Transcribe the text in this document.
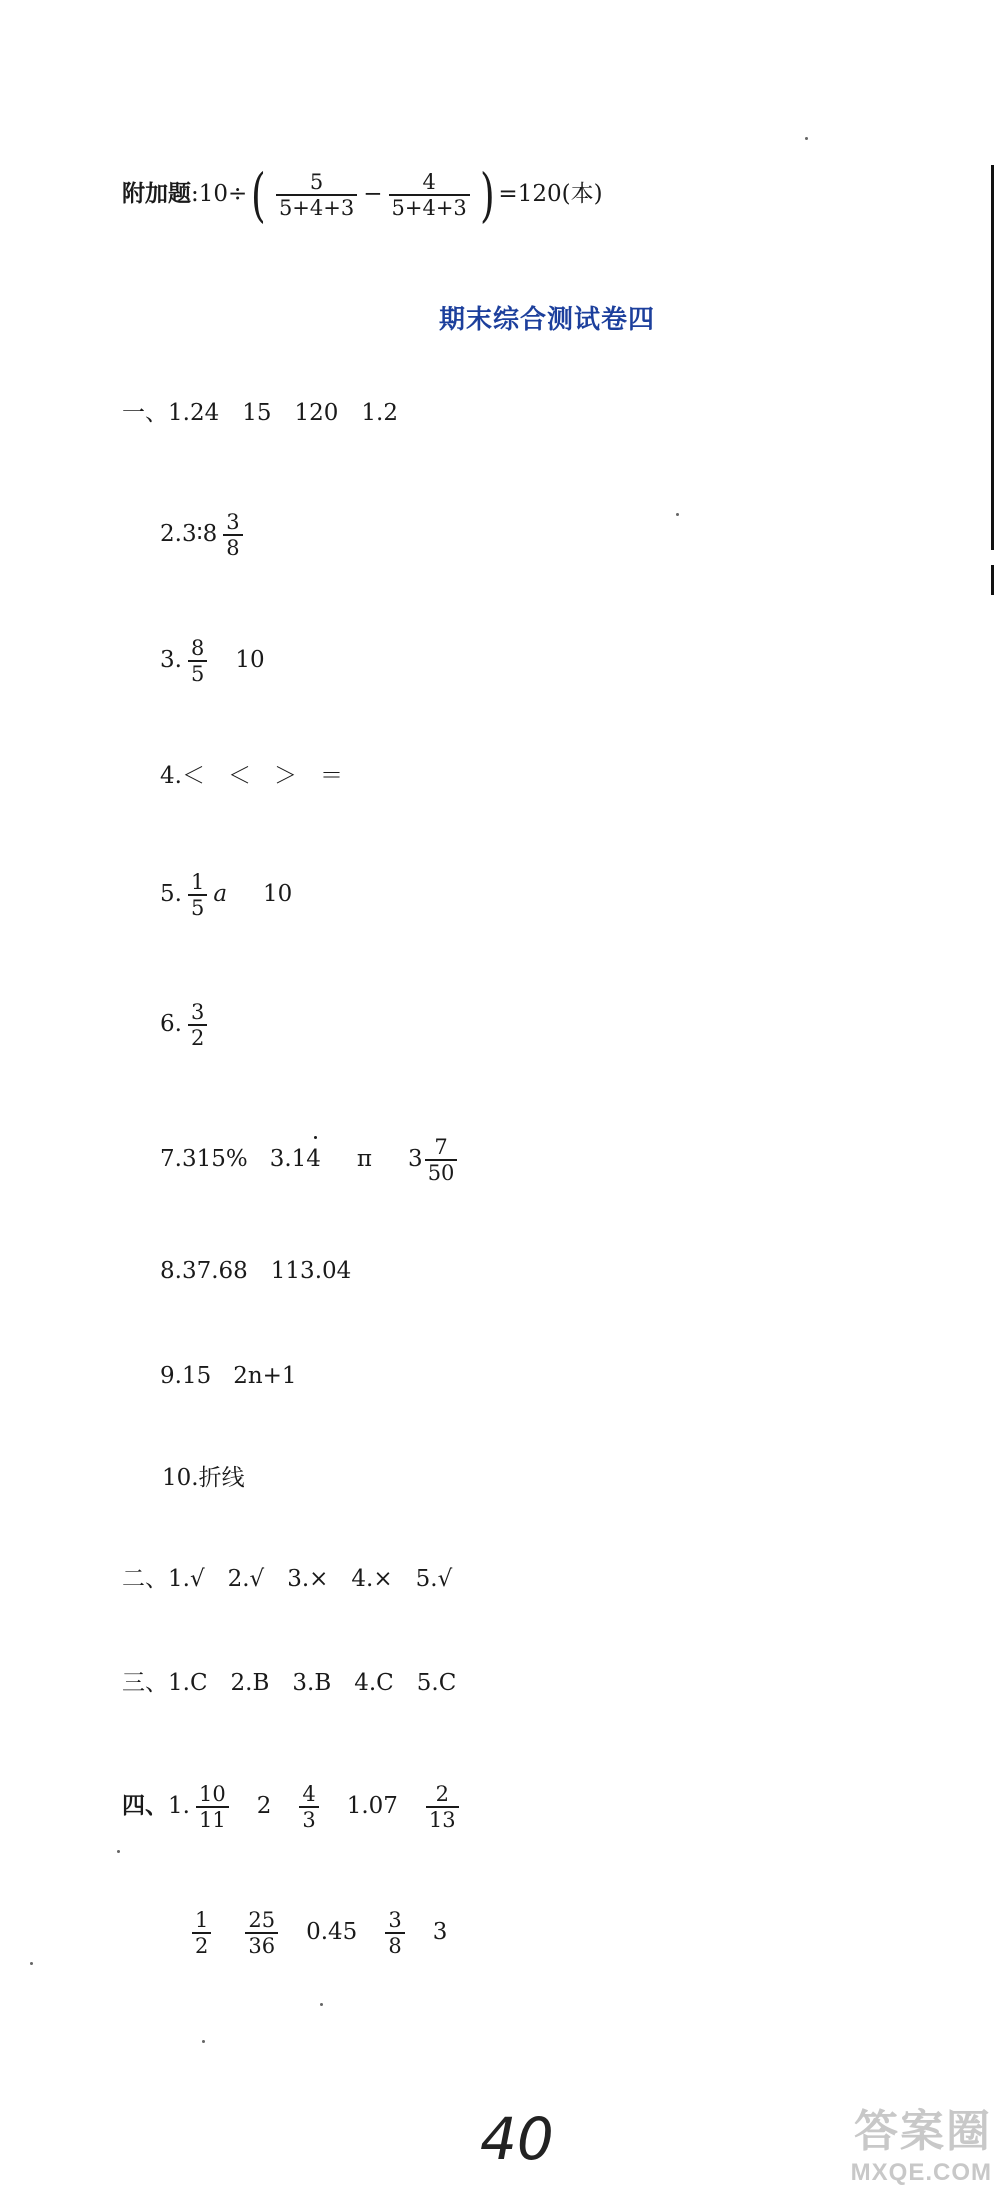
附加题:10÷( $\frac{5}{5+4+3} - \frac{4}{5+4+3}$ ) =120(本)
期末综合测试卷四
一、1.24　15　120　1.2
2.3∶8 $\frac{3}{8}$
3. $\frac{8}{5} 10$
4.＜　＜　＞　＝
5. $\frac{1}{5}$ a 10
6. $\frac{3}{2}$
7.315% 3.14 π $3 \frac{7}{50}$
8.37.68　113.04
9.15 2n+1
10.折线
二、1.√　2.√　3.×　4.×　5.√
三、1.C　2.B　3.B　4.C　5.C
四、1. $\frac{10}{11} 2 \frac{4}{3} 1.07 \frac{2}{13}$
$\frac{1}{2} \frac{25}{36} 0.45 \frac{3}{8} 3$
40	答案圈
MXQE.COM
